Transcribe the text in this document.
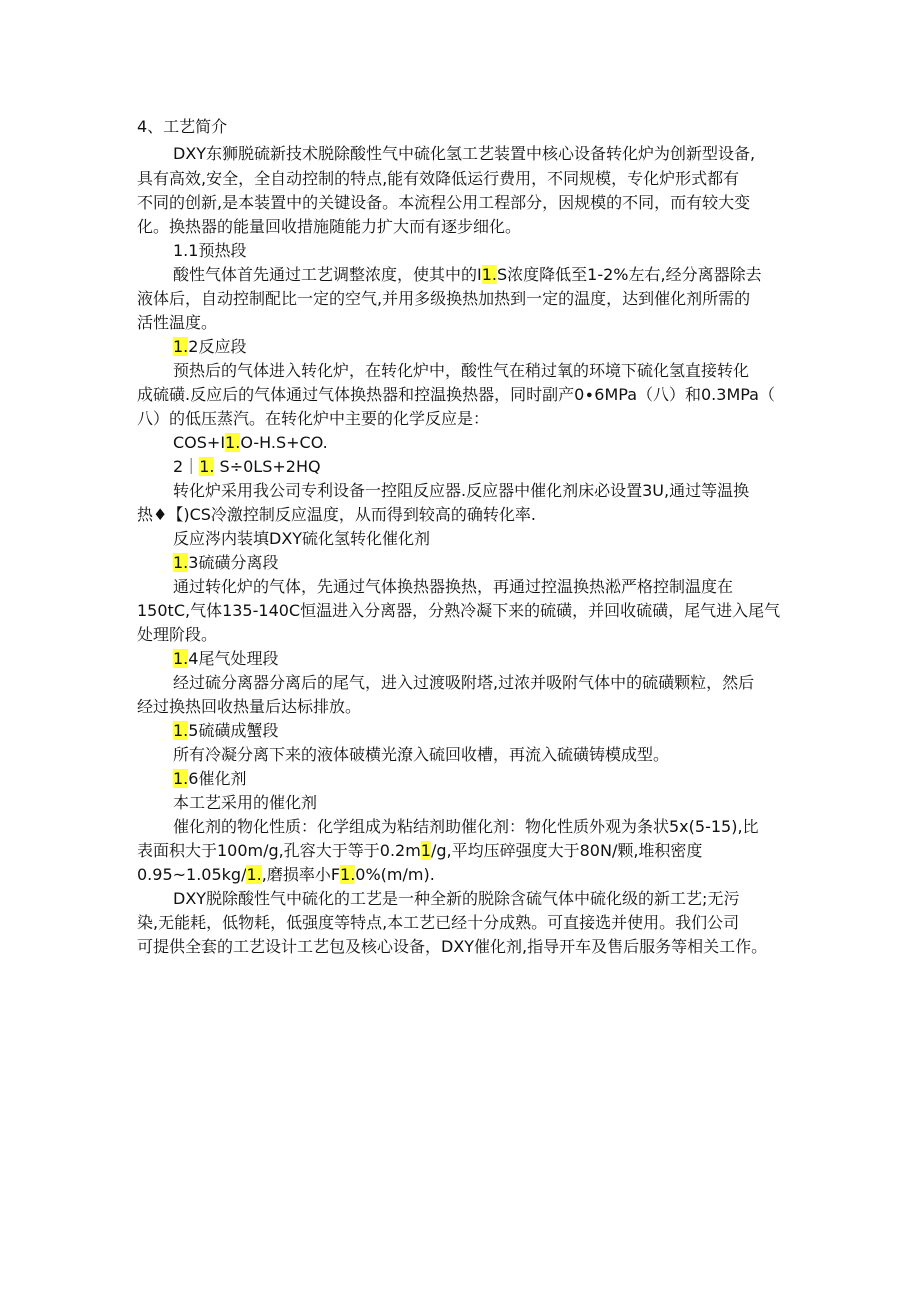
4、工艺简介
DXY东狮脱硫新技术脱除酸性气中硫化氢工艺装置中核心设备转化炉为创新型设备,
具有高效,安全，全自动控制的特点,能有效降低运行费用，不同规模，专化炉形式都有
不同的创新,是本装置中的关键设备。本流程公用工程部分，因规模的不同，而有较大变
化。换热器的能量回收措施随能力扩大而有逐步细化。
1.1预热段
酸性气体首先通过工艺调整浓度，使其中的I1.S浓度降低至1-2%左右,经分离器除去
液体后，自动控制配比一定的空气,并用多级换热加热到一定的温度，达到催化剂所需的
活性温度。
1.2反应段
预热后的气体进入转化炉，在转化炉中，酸性气在稍过氧的环境下硫化氢直接转化
成硫磺.反应后的气体通过气体换热器和控温换热器，同时副产0∙6MPa（八）和0.3MPa（
八）的低压蒸汽。在转化炉中主要的化学反应是：
COS+I1.O-H.S+CO.
2｜1. S÷0LS+2HQ
转化炉采用我公司专利设备一控阻反应器.反应器中催化剂床必设置3U,通过等温换
热♦【)CS冷激控制反应温度，从而得到较高的确转化率.
反应涔内装填DXY硫化氢转化催化剂
1.3硫磺分离段
通过转化炉的气体，先通过气体换热器换热，再通过控温换热淞严格控制温度在
150tC,气体135-140C恒温进入分离器，分熟冷凝下来的硫磺，并回收硫磺，尾气进入尾气
处理阶段。
1.4尾气处理段
经过硫分离器分离后的尾气，进入过渡吸附塔,过浓并吸附气体中的硫磺颗粒，然后
经过换热回收热量后达标排放。
1.5硫磺成蟹段
所有冷凝分离下来的液体破横光潦入硫回收槽，再流入硫磺铸模成型。
1.6催化剂
本工艺采用的催化剂
催化剂的物化性质：化学组成为粘结剂助催化剂：物化性质外观为条状5x(5-15),比
表面积大于100m∕g,孔容大于等于0.2m1∕g,平均压碎强度大于80N/颗,堆积密度
0.95~1.05kg∕1.,磨损率小F1.0%(m∕m).
DXY脱除酸性气中硫化的工艺是一种全新的脱除含硫气体中硫化级的新工艺;无污
染,无能耗，低物耗，低强度等特点,本工艺已经十分成熟。可直接选并使用。我们公司
可提供全套的工艺设计工艺包及核心设备，DXY催化剂,指导开车及售后服务等相关工作。
